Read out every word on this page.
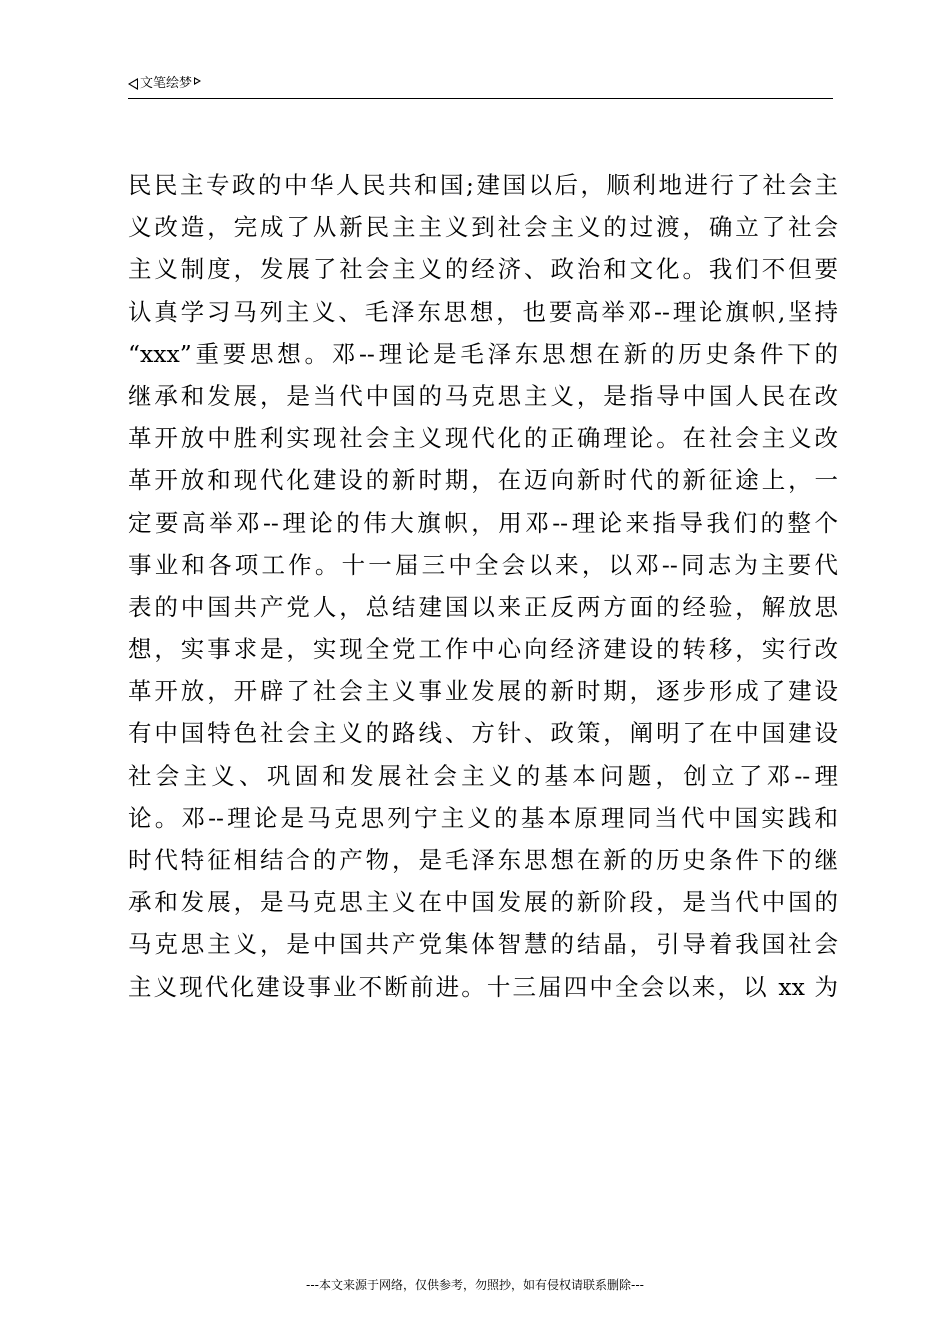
文笔绘梦
民民主专政的中华人民共和国;建国以后，顺利地进行了社会主
义改造，完成了从新民主主义到社会主义的过渡，确立了社会
主义制度，发展了社会主义的经济、政治和文化。我们不但要
认真学习马列主义、毛泽东思想，也要高举邓--理论旗帜,坚持
“xxx”重要思想。邓--理论是毛泽东思想在新的历史条件下的
继承和发展，是当代中国的马克思主义，是指导中国人民在改
革开放中胜利实现社会主义现代化的正确理论。在社会主义改
革开放和现代化建设的新时期，在迈向新时代的新征途上，一
定要高举邓--理论的伟大旗帜，用邓--理论来指导我们的整个
事业和各项工作。十一届三中全会以来，以邓--同志为主要代
表的中国共产党人，总结建国以来正反两方面的经验，解放思
想，实事求是，实现全党工作中心向经济建设的转移，实行改
革开放，开辟了社会主义事业发展的新时期，逐步形成了建设
有中国特色社会主义的路线、方针、政策，阐明了在中国建设
社会主义、巩固和发展社会主义的基本问题，创立了邓--理
论。邓--理论是马克思列宁主义的基本原理同当代中国实践和
时代特征相结合的产物，是毛泽东思想在新的历史条件下的继
承和发展，是马克思主义在中国发展的新阶段，是当代中国的
马克思主义，是中国共产党集体智慧的结晶，引导着我国社会
主义现代化建设事业不断前进。十三届四中全会以来，以 xx 为
---本文来源于网络，仅供参考，勿照抄，如有侵权请联系删除---
